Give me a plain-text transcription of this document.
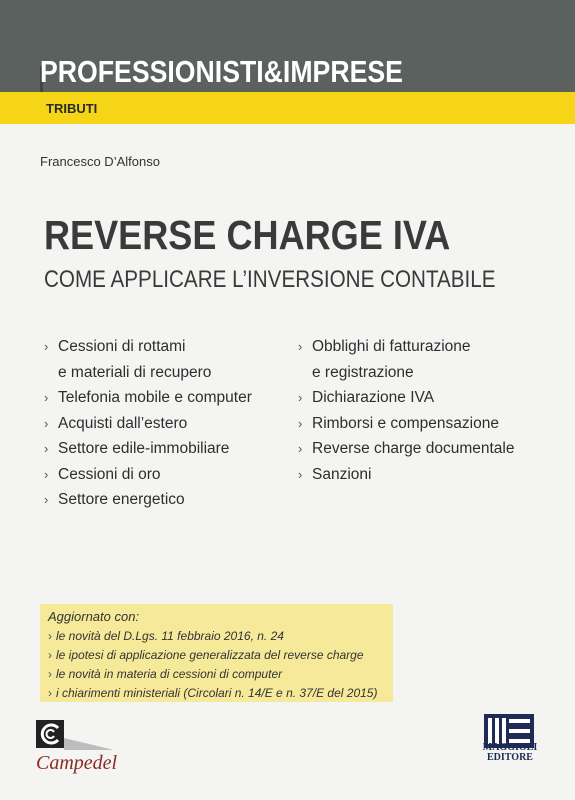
PROFESSIONISTI&IMPRESE
TRIBUTI
Francesco D’Alfonso
REVERSE CHARGE IVA
COME APPLICARE L’INVERSIONE CONTABILE
› Cessioni di rottami
e materiali di recupero
› Telefonia mobile e computer
› Acquisti dall’estero
› Settore edile-immobiliare
› Cessioni di oro
› Settore energetico
› Obblighi di fatturazione
e registrazione
› Dichiarazione IVA
› Rimborsi e compensazione
› Reverse charge documentale
› Sanzioni
Aggiornato con:
› le novità del D.Lgs. 11 febbraio 2016, n. 24
› le ipotesi di applicazione generalizzata del reverse charge
› le novità in materia di cessioni di computer
› i chiarimenti ministeriali (Circolari n. 14/E e n. 37/E del 2015)
Campedel
MAGGIOLI
EDITORE
